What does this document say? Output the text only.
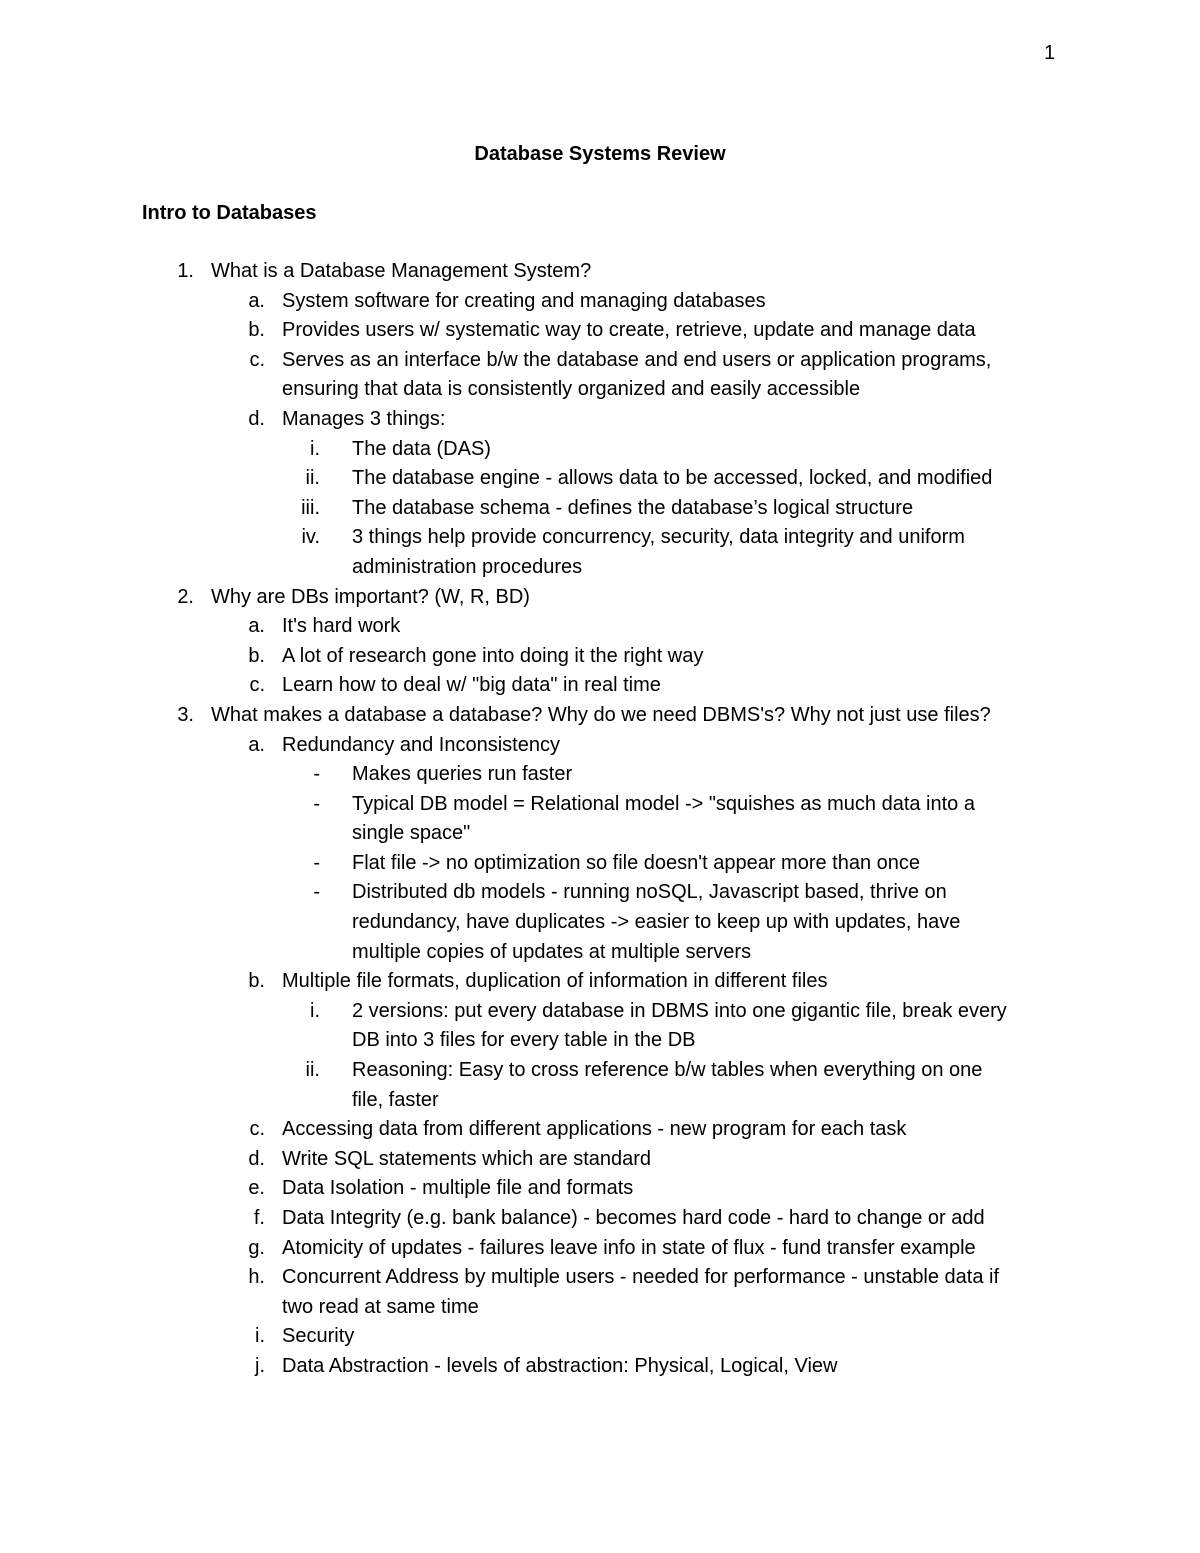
1
Database Systems Review
Intro to Databases
1. What is a Database Management System?
a. System software for creating and managing databases
b. Provides users w/ systematic way to create, retrieve, update and manage data
c. Serves as an interface b/w the database and end users or application programs,
ensuring that data is consistently organized and easily accessible
d. Manages 3 things:
i. The data (DAS)
ii. The database engine - allows data to be accessed, locked, and modified
iii. The database schema - defines the database’s logical structure
iv. 3 things help provide concurrency, security, data integrity and uniform
administration procedures
2. Why are DBs important? (W, R, BD)
a. It's hard work
b. A lot of research gone into doing it the right way
c. Learn how to deal w/ "big data" in real time
3. What makes a database a database? Why do we need DBMS's? Why not just use files?
a. Redundancy and Inconsistency
- Makes queries run faster
- Typical DB model = Relational model -> "squishes as much data into a
single space"
- Flat file -> no optimization so file doesn't appear more than once
- Distributed db models - running noSQL, Javascript based, thrive on
redundancy, have duplicates -> easier to keep up with updates, have
multiple copies of updates at multiple servers
b. Multiple file formats, duplication of information in different files
i. 2 versions: put every database in DBMS into one gigantic file, break every
DB into 3 files for every table in the DB
ii. Reasoning: Easy to cross reference b/w tables when everything on one
file, faster
c. Accessing data from different applications - new program for each task
d. Write SQL statements which are standard
e. Data Isolation - multiple file and formats
f. Data Integrity (e.g. bank balance) - becomes hard code - hard to change or add
g. Atomicity of updates - failures leave info in state of flux - fund transfer example
h. Concurrent Address by multiple users - needed for performance - unstable data if
two read at same time
i. Security
j. Data Abstraction - levels of abstraction: Physical, Logical, View
